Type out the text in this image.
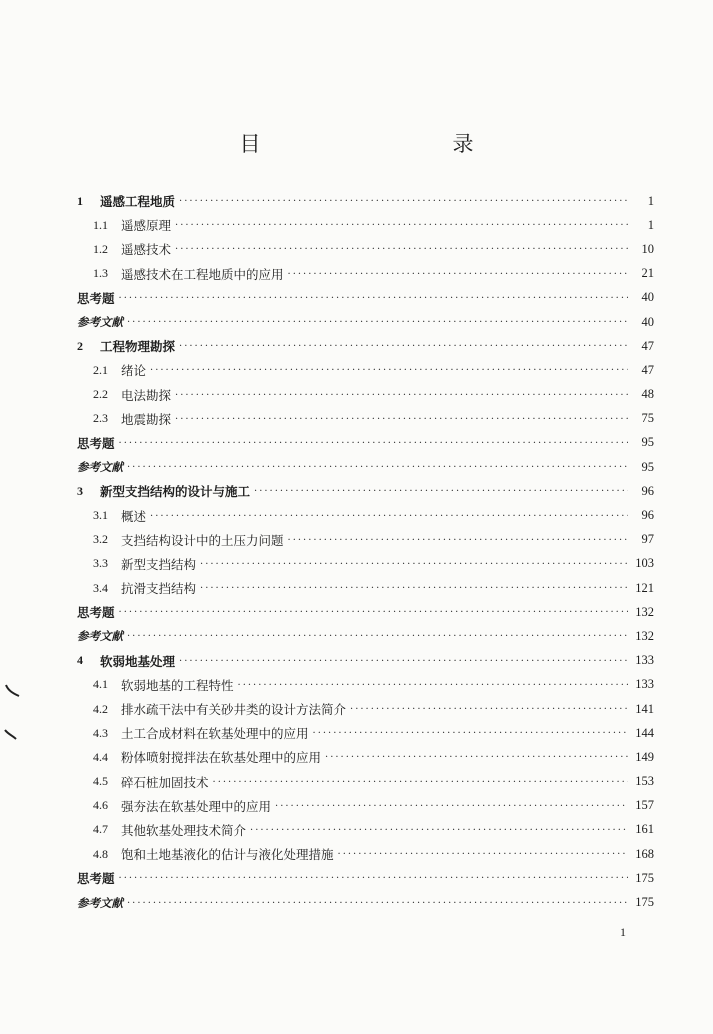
目　　录
1	遥感工程地质 ·····	1
1.1	遥感原理 ·····	1
1.2	遥感技术 ·····	10
1.3	遥感技术在工程地质中的应用 ·····	21
思考题 ·····	40
参考文献 ·····	40
2	工程物理勘探 ·····	47
2.1	绪论 ·····	47
2.2	电法勘探 ·····	48
2.3	地震勘探 ·····	75
思考题 ·····	95
参考文献 ·····	95
3	新型支挡结构的设计与施工 ·····	96
3.1	概述 ·····	96
3.2	支挡结构设计中的土压力问题 ·····	97
3.3	新型支挡结构 ·····	103
3.4	抗滑支挡结构 ·····	121
思考题 ·····	132
参考文献 ·····	132
4	软弱地基处理 ·····	133
4.1	软弱地基的工程特性 ·····	133
4.2	排水疏干法中有关砂井类的设计方法简介 ·····	141
4.3	土工合成材料在软基处理中的应用 ·····	144
4.4	粉体喷射搅拌法在软基处理中的应用 ·····	149
4.5	碎石桩加固技术 ·····	153
4.6	强夯法在软基处理中的应用 ·····	157
4.7	其他软基处理技术简介 ·····	161
4.8	饱和土地基液化的估计与液化处理措施 ·····	168
思考题 ·····	175
参考文献 ·····	175
1
